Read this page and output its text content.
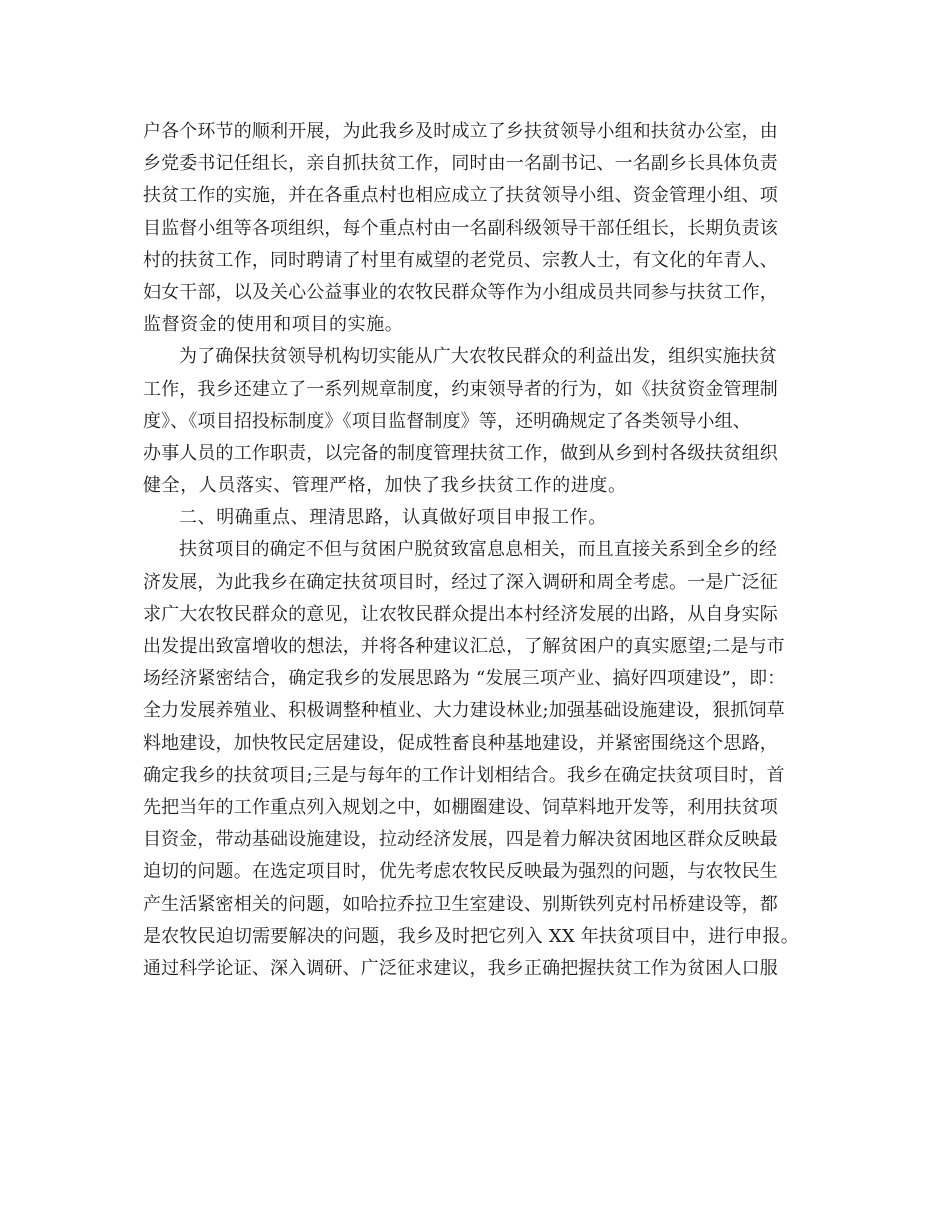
户各个环节的顺利开展，为此我乡及时成立了乡扶贫领导小组和扶贫办公室，由
乡党委书记任组长，亲自抓扶贫工作，同时由一名副书记、一名副乡长具体负责
扶贫工作的实施，并在各重点村也相应成立了扶贫领导小组、资金管理小组、项
目监督小组等各项组织，每个重点村由一名副科级领导干部任组长，长期负责该
村的扶贫工作，同时聘请了村里有威望的老党员、宗教人士，有文化的年青人、
妇女干部，以及关心公益事业的农牧民群众等作为小组成员共同参与扶贫工作，
监督资金的使用和项目的实施。
为了确保扶贫领导机构切实能从广大农牧民群众的利益出发，组织实施扶贫
工作，我乡还建立了一系列规章制度，约束领导者的行为，如《扶贫资金管理制
度》、《项目招投标制度》《项目监督制度》等，还明确规定了各类领导小组、
办事人员的工作职责，以完备的制度管理扶贫工作，做到从乡到村各级扶贫组织
健全，人员落实、管理严格，加快了我乡扶贫工作的进度。
二、明确重点、理清思路，认真做好项目申报工作。
扶贫项目的确定不但与贫困户脱贫致富息息相关，而且直接关系到全乡的经
济发展，为此我乡在确定扶贫项目时，经过了深入调研和周全考虑。一是广泛征
求广大农牧民群众的意见，让农牧民群众提出本村经济发展的出路，从自身实际
出发提出致富增收的想法，并将各种建议汇总，了解贫困户的真实愿望;二是与市
场经济紧密结合，确定我乡的发展思路为 “发展三项产业、搞好四项建设”，即：
全力发展养殖业、积极调整种植业、大力建设林业;加强基础设施建设，狠抓饲草
料地建设，加快牧民定居建设，促成牲畜良种基地建设，并紧密围绕这个思路，
确定我乡的扶贫项目;三是与每年的工作计划相结合。我乡在确定扶贫项目时，首
先把当年的工作重点列入规划之中，如棚圈建设、饲草料地开发等，利用扶贫项
目资金，带动基础设施建设，拉动经济发展，四是着力解决贫困地区群众反映最
迫切的问题。在选定项目时，优先考虑农牧民反映最为强烈的问题，与农牧民生
产生活紧密相关的问题，如哈拉乔拉卫生室建设、别斯铁列克村吊桥建设等，都
是农牧民迫切需要解决的问题，我乡及时把它列入 XX 年扶贫项目中，进行申报。
通过科学论证、深入调研、广泛征求建议，我乡正确把握扶贫工作为贫困人口服
